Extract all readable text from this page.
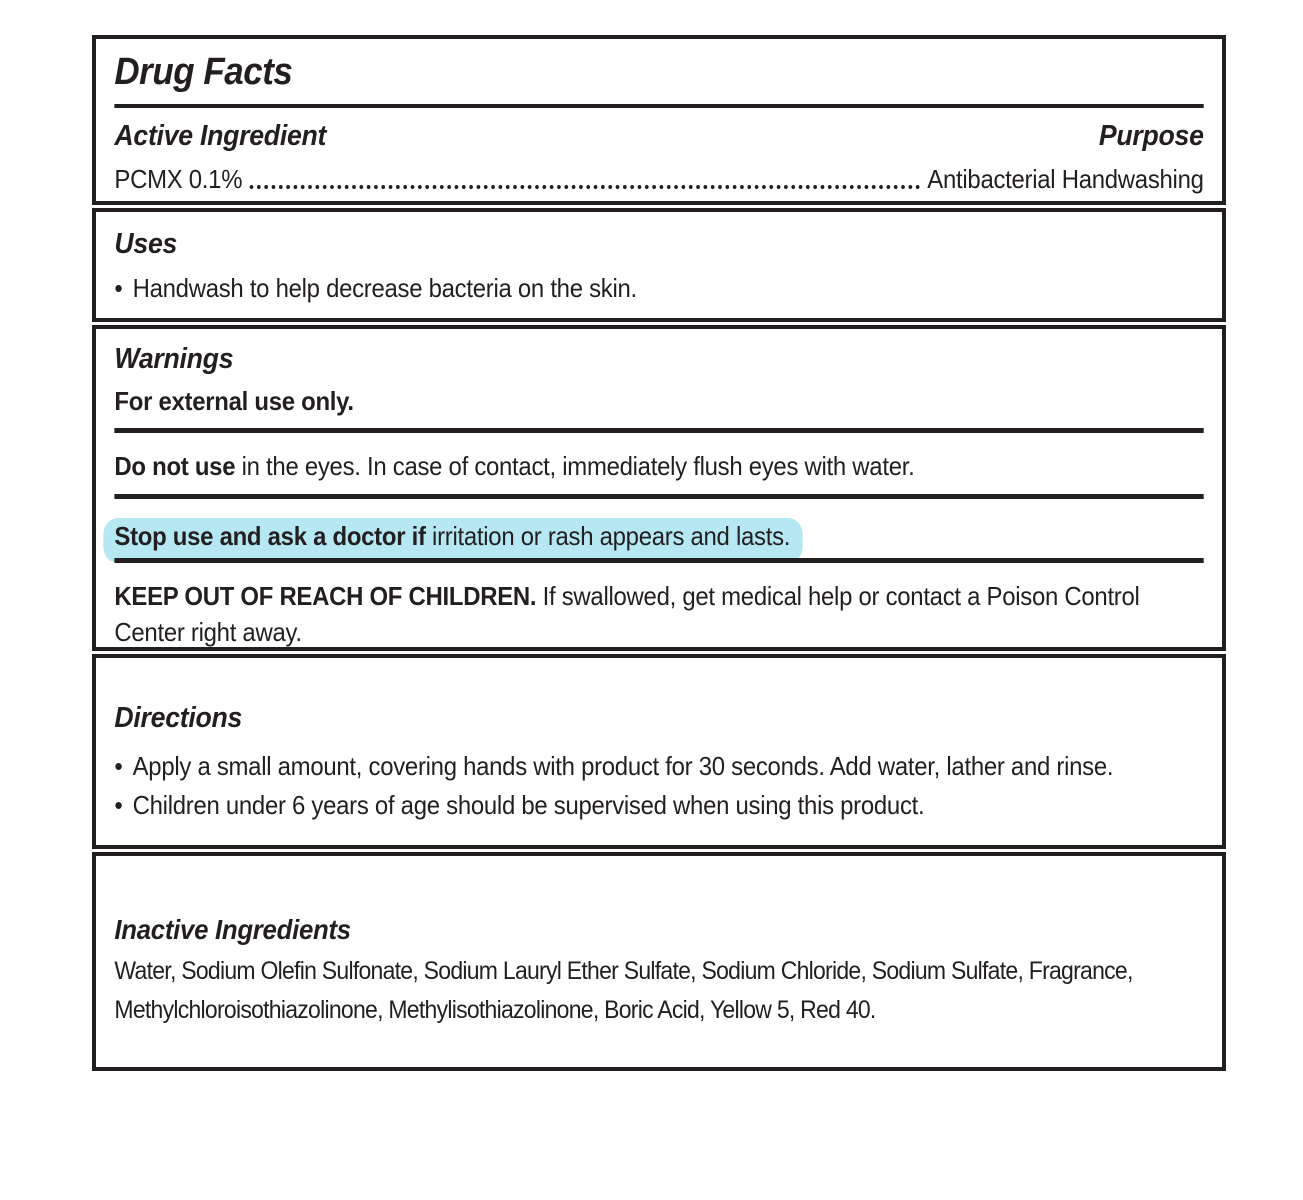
Drug Facts
Active Ingredient	Purpose
PCMX 0.1%	Antibacterial Handwashing
Uses
• Handwash to help decrease bacteria on the skin.
Warnings

For external use only.

Do not use in the eyes. In case of contact, immediately flush eyes with water.

Stop use and ask a doctor if irritation or rash appears and lasts.

KEEP OUT OF REACH OF CHILDREN. If swallowed, get medical help or contact a Poison Control Center right away.

Directions
• Apply a small amount, covering hands with product for 30 seconds. Add water, lather and rinse.
• Children under 6 years of age should be supervised when using this product.
Inactive Ingredients

Water, Sodium Olefin Sulfonate, Sodium Lauryl Ether Sulfate, Sodium Chloride, Sodium Sulfate, Fragrance, Methylchloroisothiazolinone, Methylisothiazolinone, Boric Acid, Yellow 5, Red 40.
